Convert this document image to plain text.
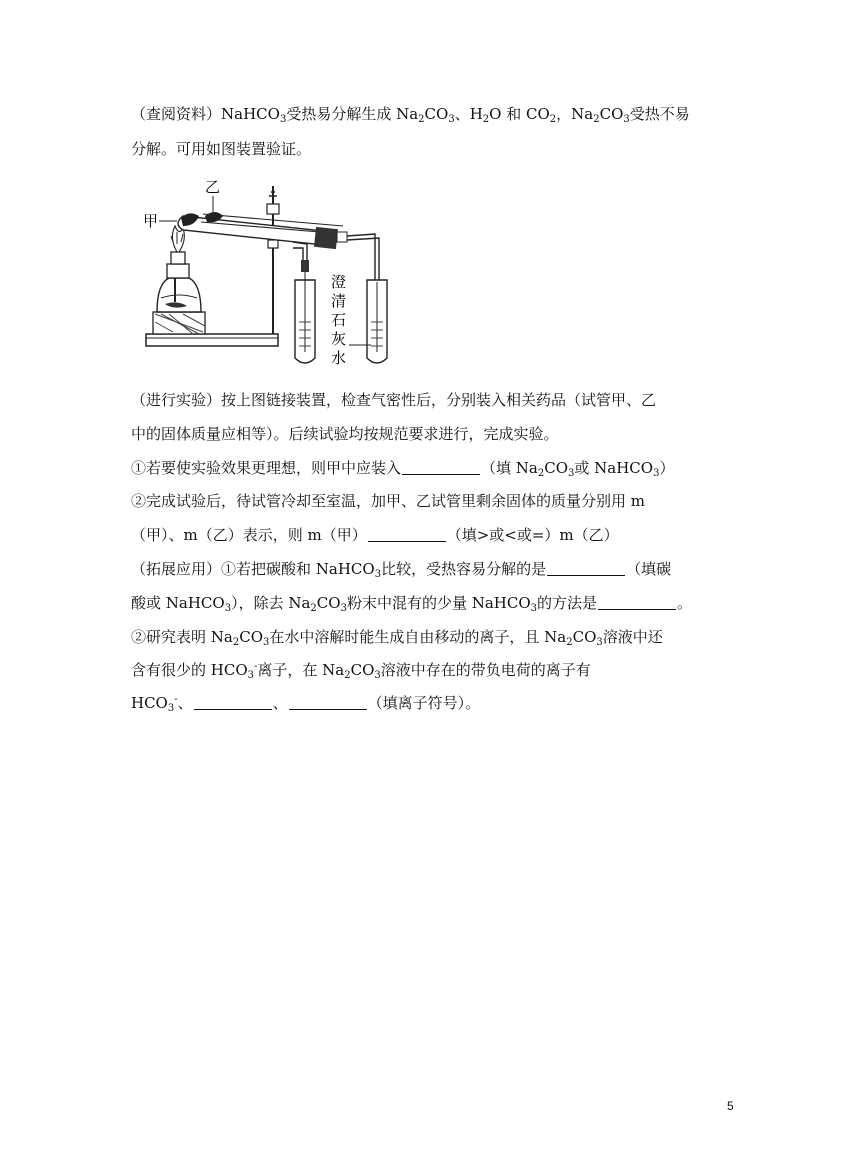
（查阅资料）NaHCO$_3$受热易分解生成 $Na_2CO_3$、$H_2O$ 和 $CO_2$，$Na_2CO_3$受热不易
分解。可用如图装置验证。
乙
甲
澄
清
石
灰
水
（进行实验）按上图链接装置，检查气密性后，分别装入相关药品（试管甲、乙
中的固体质量应相等）。后续试验均按规范要求进行，完成实验。
①若要使实验效果更理想，则甲中应装入	（填 $Na_2CO_3$或 NaHCO$_3$）
②完成试验后，待试管冷却至室温，加甲、乙试管里剩余固体的质量分别用 m
（甲）、m（乙）表示，则 m（甲）	（填>或<或=）m（乙）
（拓展应用）①若把碳酸和 NaHCO$_3$比较，受热容易分解的是	（填碳
酸或 NaHCO$_3$），除去 $Na_2CO_3$粉末中混有的少量 NaHCO$_3$的方法是	。
②研究表明 $Na_2CO_3$在水中溶解时能生成自由移动的离子，且 $Na_2CO_3$溶液中还
含有很少的 $HCO_3^-$离子，在 $Na_2CO_3$溶液中存在的带负电荷的离子有
$HCO_3^-$、	、	（填离子符号）。
5
